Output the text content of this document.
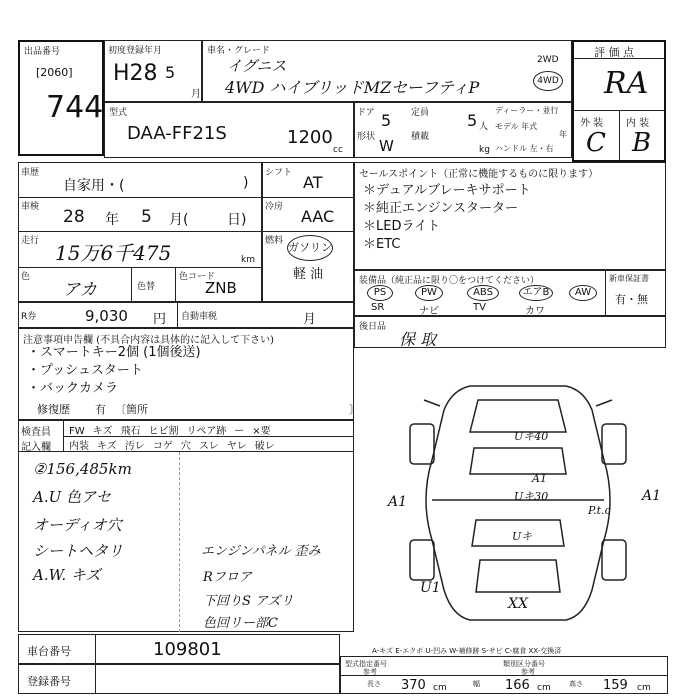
出品番号
[2060]
744
初度登録年月
H28 5
月
車名・グレード
イグニス
4WD ハイブリッドMZセーフティP
2WD
4WD
評 価 点
RA
外 装 内 装
C B
型式
DAA-FF21S	1200
cc
ドア 5 定員 5 人
形状 W 積載
kg
ディーラー・並行
モデル 年式
年
ハンドル 左・右
車歴
自家用・(	)
車検 28 年 5 月(	日)
走行 15万6千475	km
色
アカ	色替
色コード
ZNB
シフト AT
冷房 AAC
燃料 ガソリン
軽 油
R券	9,030 円 自動車税	月
セールスポイント（正常に機能するものに限ります）
＊デュアルブレーキサポート
＊純正エンジンスターター
＊LEDライト
＊ETC
装備品（純正品に限り〇をつけてください）
PS	PW	ABS	エアB	AW
SR	ナビ	TV	カワ
新車保証書
有・無
後日品
保 取
注意事項申告欄 (不具合内容は具体的に記入して下さい)
・スマートキー2個 (1個後送)
・プッシュスタート
・バックカメラ
修復歴 有 〔箇所	〕
検査員
記入欄
FW キズ 飛石 ヒビ割 リペア跡 ー ×要
内装 キズ 汚レ コゲ 穴 スレ ヤレ 破レ
②156,485km
A.U 色アセ
オーディオ穴
シートヘタリ
A.W. キズ
エンジンパネル 歪み
Rフロア
下回りS アズリ
色回リー部C
Uキ40
A1
Uキ30
A1	A1
P.t.c
Uキ
U1
XX
A-キズ E-エクボ U-凹み W-補修跡 S-サビ C-腐食 XX-交換済
車台番号	109801
登録番号
型式指定番号
参考
類別区分番号
参考
長さ 370 cm	幅 166 cm	高さ 159 cm
